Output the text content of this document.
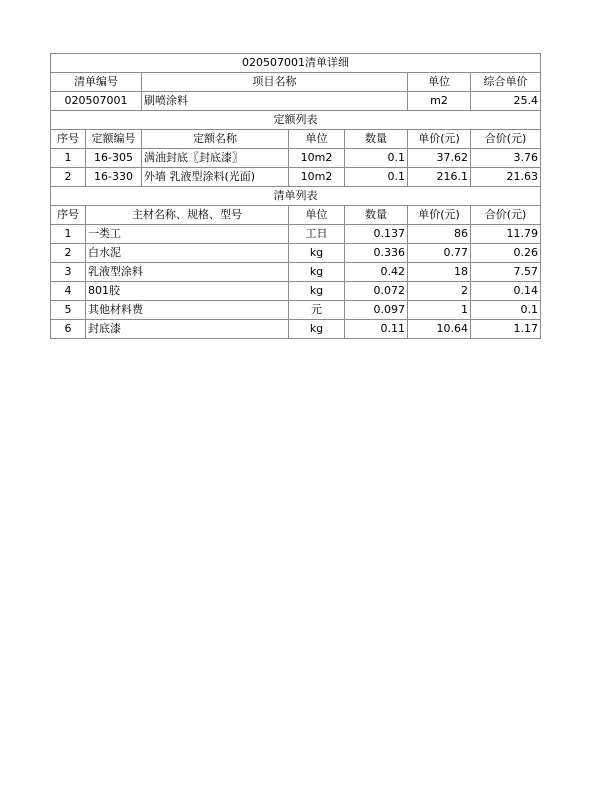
020507001清单详细						
清单编号		项目名称			单位	综合单价
020507001		刷喷涂料			m2	25.4
定额列表						
序号	定额编号	定额名称	单位	数量	单价(元)	合价(元)
1	16-305	满油封底〖封底漆〗	10m2	0.1	37.62	3.76
2	16-330	外墙 乳液型涂料(光面)	10m2	0.1	216.1	21.63
清单列表						
序号	主材名称、规格、型号		单位	数量	单价(元)	合价(元)
1	一类工		工日	0.137	86	11.79
2	白水泥		kg	0.336	0.77	0.26
3	乳液型涂料		kg	0.42	18	7.57
4	801胶		kg	0.072	2	0.14
5	其他材料费		元	0.097	1	0.1
6	封底漆		kg	0.11	10.64	1.17
